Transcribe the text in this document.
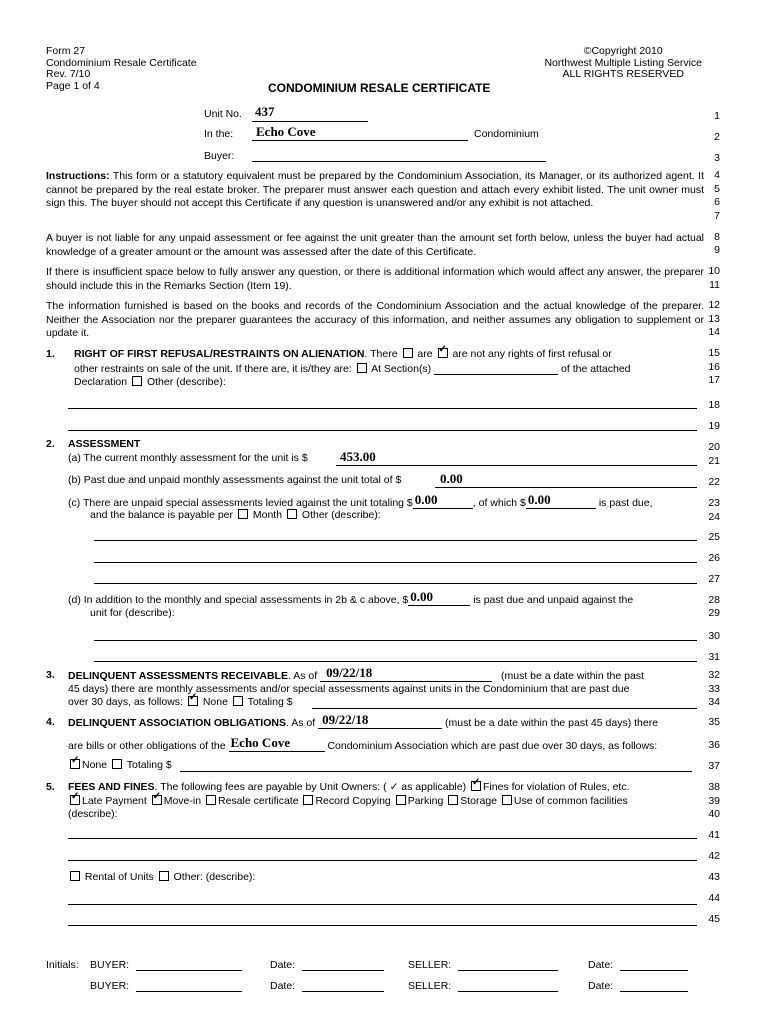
Form 27
Condominium Resale Certificate
Rev. 7/10
Page 1 of 4
©Copyright 2010
Northwest Multiple Listing Service
ALL RIGHTS RESERVED
CONDOMINIUM RESALE CERTIFICATE
Unit No. 437
In the: Echo Cove	Condominium
Buyer:
Instructions: This form or a statutory equivalent must be prepared by the Condominium Association, its Manager, or its authorized agent. It cannot be prepared by the real estate broker. The preparer must answer each question and attach every exhibit listed. The unit owner must sign this. The buyer should not accept this Certificate if any question is unanswered and/or any exhibit is not attached.
A buyer is not liable for any unpaid assessment or fee against the unit greater than the amount set forth below, unless the buyer had actual knowledge of a greater amount or the amount was assessed after the date of this Certificate.
If there is insufficient space below to fully answer any question, or there is additional information which would affect any answer, the preparer should include this in the Remarks Section (Item 19).
The information furnished is based on the books and records of the Condominium Association and the actual knowledge of the preparer. Neither the Association nor the preparer guarantees the accuracy of this information, and neither assumes any obligation to supplement or update it.
1. RIGHT OF FIRST REFUSAL/RESTRAINTS ON ALIENATION. There are ✓ are not any rights of first refusal or
other restraints on sale of the unit. If there are, it is/they are: At Section(s)	of the attached
Declaration Other (describe):
2. ASSESSMENT
(a) The current monthly assessment for the unit is $ 453.00
(b) Past due and unpaid monthly assessments against the unit total of $	0.00
(c) There are unpaid special assessments levied against the unit totaling $ 0.00	, of which $ 0.00	is past due,
and the balance is payable per Month Other (describe):
(d) In addition to the monthly and special assessments in 2b & c above, $ 0.00	is past due and unpaid against the
unit for (describe):
3. DELINQUENT ASSESSMENTS RECEIVABLE. As of 09/22/18	(must be a date within the past
45 days) there are monthly assessments and/or special assessments against units in the Condominium that are past due
over 30 days, as follows: ✓ None Totaling $
4. DELINQUENT ASSOCIATION OBLIGATIONS. As of 09/22/18	(must be a date within the past 45 days) there
are bills or other obligations of the Echo Cove	Condominium Association which are past due over 30 days, as follows:
✓None Totaling $
5. FEES AND FINES. The following fees are payable by Unit Owners: ( ✓ as applicable) ✓ Fines for violation of Rules, etc.
✓Late Payment ✓ Move-in Resale certificate Record Copying Parking Storage Use of common facilities
(describe):
Rental of Units Other: (describe):
1
2
3
4
5
6
7
8
9
10
11
12
13
14
15
16
17
18
19
20
21
22
23
24
25
26
27
28
29
30
31
32
33
34
35
36
37
38
39
40
41
42
43
44
45
Initials: BUYER:	Date:	SELLER:	Date:
BUYER:	Date:	SELLER:	Date:
